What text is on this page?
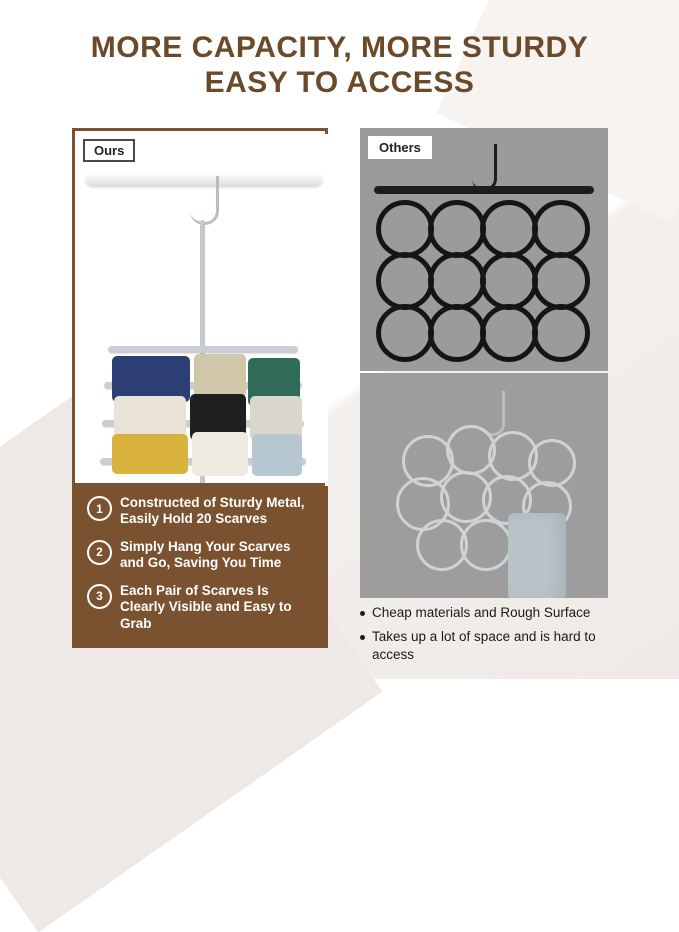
MORE CAPACITY, MORE STURDY
EASY TO ACCESS
Ours
1	Constructed of Sturdy Metal, Easily Hold 20 Scarves
2	Simply Hang Your Scarves and Go, Saving You Time
3	Each Pair of Scarves Is Clearly Visible and Easy to Grab
Others
Cheap materials and Rough Surface
Takes up a lot of space and is hard to access
